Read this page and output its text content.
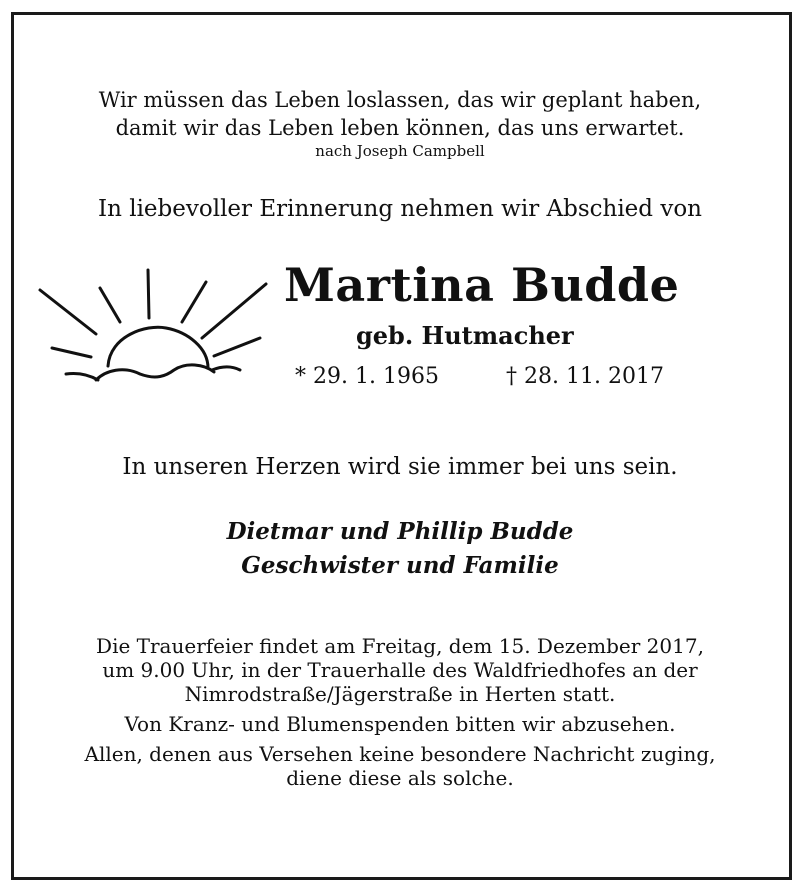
Wir müssen das Leben loslassen, das wir geplant haben,
damit wir das Leben leben können, das uns erwartet.
nach Joseph Campbell
In liebevoller Erinnerung nehmen wir Abschied von
Martina Budde
geb. Hutmacher
* 29. 1. 1965	† 28. 11. 2017
In unseren Herzen wird sie immer bei uns sein.
Dietmar und Phillip Budde
Geschwister und Familie

Die Trauerfeier findet am Freitag, dem 15. Dezember 2017,

um 9.00 Uhr, in der Trauerhalle des Waldfriedhofes an der

Nimrodstraße/Jägerstraße in Herten statt.

Von Kranz- und Blumenspenden bitten wir abzusehen.

Allen, denen aus Versehen keine besondere Nachricht zuging,

diene diese als solche.
